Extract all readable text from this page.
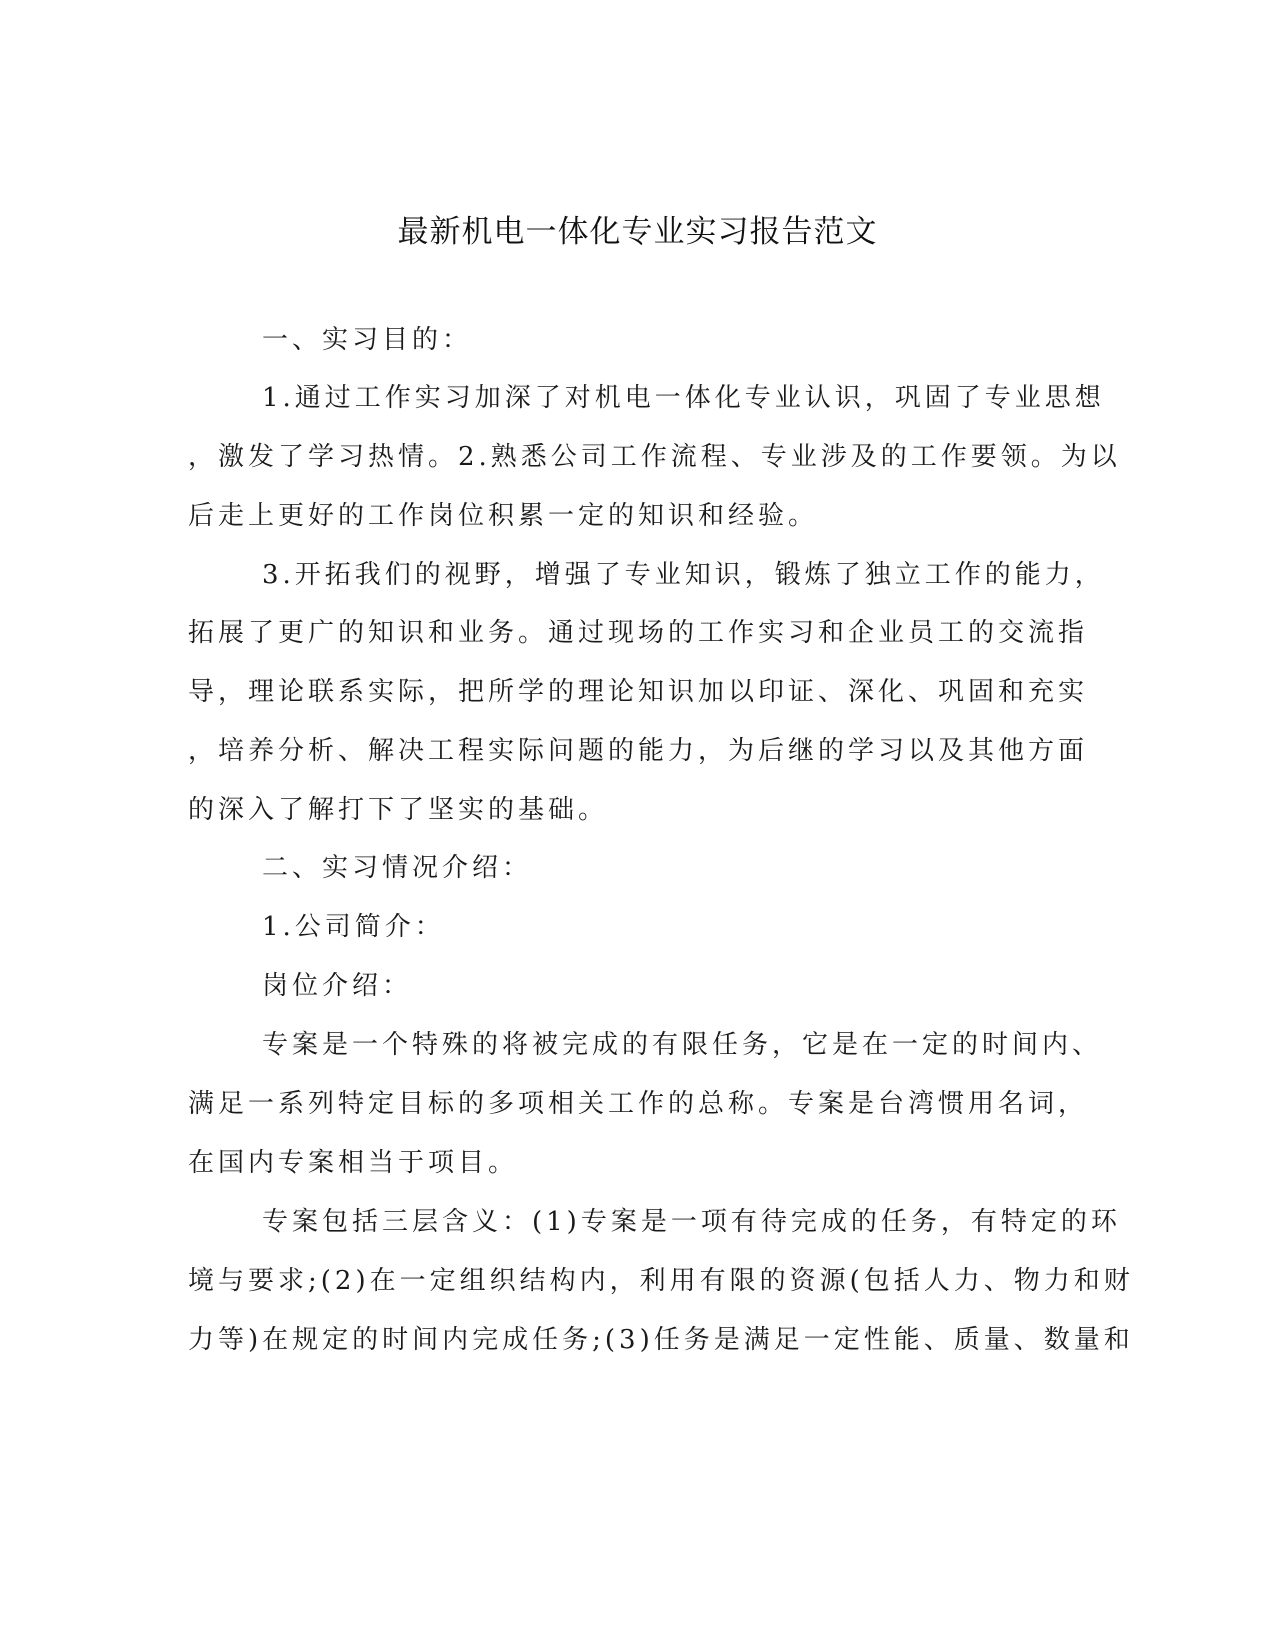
最新机电一体化专业实习报告范文

一、实习目的：

1.通过工作实习加深了对机电一体化专业认识，巩固了专业思想

，激发了学习热情。2.熟悉公司工作流程、专业涉及的工作要领。为以

后走上更好的工作岗位积累一定的知识和经验。

3.开拓我们的视野，增强了专业知识，锻炼了独立工作的能力，

拓展了更广的知识和业务。通过现场的工作实习和企业员工的交流指

导，理论联系实际，把所学的理论知识加以印证、深化、巩固和充实

，培养分析、解决工程实际问题的能力，为后继的学习以及其他方面

的深入了解打下了坚实的基础。

二、实习情况介绍：

1.公司简介：

岗位介绍：

专案是一个特殊的将被完成的有限任务，它是在一定的时间内、

满足一系列特定目标的多项相关工作的总称。专案是台湾惯用名词，

在国内专案相当于项目。

专案包括三层含义：(1)专案是一项有待完成的任务，有特定的环

境与要求;(2)在一定组织结构内，利用有限的资源(包括人力、物力和财

力等)在规定的时间内完成任务;(3)任务是满足一定性能、质量、数量和
